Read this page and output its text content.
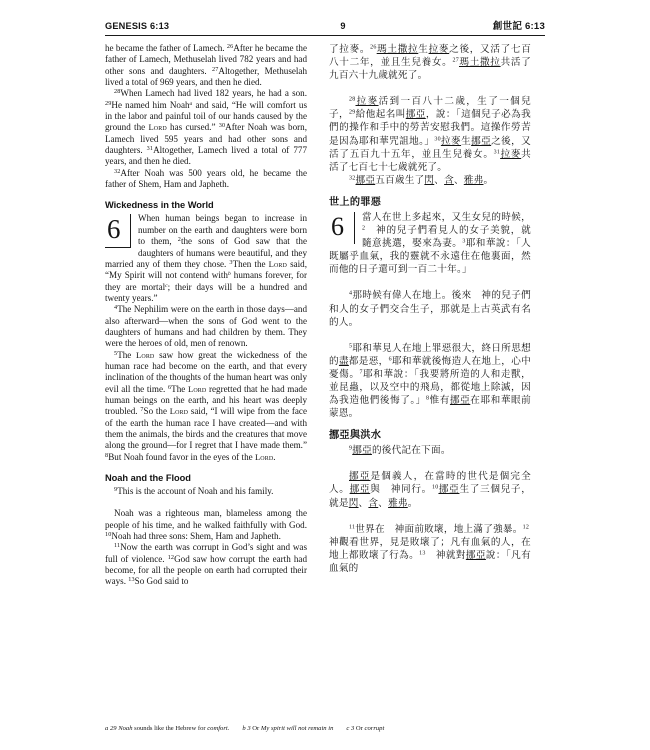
GENESIS 6:13	9	創世記 6:13

he became the father of Lamech. $^{26}$After he became the father of Lamech, Methuselah lived 782 years and had other sons and daughters. $^{27}$Altogether, Methuselah lived a total of 969 years, and then he died.

$^{28}$When Lamech had lived 182 years, he had a son. $^{29}$He named him Noah$^a$ and said, “He will comfort us in the labor and painful toil of our hands caused by the ground the Lord has cursed.” $^{30}$After Noah was born, Lamech lived 595 years and had other sons and daughters. $^{31}$Altogether, Lamech lived a total of 777 years, and then he died.

$^{32}$After Noah was 500 years old, he became the father of Shem, Ham and Japheth.

Wickedness in the World
6	When human beings began to increase in number on the earth and daughters were born to them, $^2$the sons of God saw that the daughters of humans were beautiful, and they married any of them they chose. $^3$Then the Lord said, “My Spirit will not contend with$^b$ humans forever, for they are mortal$^c$; their days will be a hundred and twenty years.”

$^4$The Nephilim were on the earth in those days—and also afterward—when the sons of God went to the daughters of humans and had children by them. They were the heroes of old, men of renown.

$^5$The Lord saw how great the wickedness of the human race had become on the earth, and that every inclination of the thoughts of the human heart was only evil all the time. $^6$The Lord regretted that he had made human beings on the earth, and his heart was deeply troubled. $^7$So the Lord said, “I will wipe from the face of the earth the human race I have created—and with them the animals, the birds and the creatures that move along the ground—for I regret that I have made them.” $^8$But Noah found favor in the eyes of the Lord.

Noah and the Flood

$^9$This is the account of Noah and his family.

Noah was a righteous man, blameless among the people of his time, and he walked faithfully with God. $^{10}$Noah had three sons: Shem, Ham and Japheth.

$^{11}$Now the earth was corrupt in God’s sight and was full of violence. $^{12}$God saw how corrupt the earth had become, for all the people on earth had corrupted their ways. $^{13}$So God said to

了拉麥。$^{26}$瑪土撒拉生拉麥之後，又活了七百八十二年，並且生兒養女。$^{27}$瑪土撒拉共活了九百六十九歲就死了。

$^{28}$拉麥活到一百八十二歲，生了一個兒子，$^{29}$給他起名叫挪亞，說：「這個兒子必為我們的操作和手中的勞苦安慰我們。這操作勞苦是因為耶和華咒詛地。」$^{30}$拉麥生挪亞之後，又活了五百九十五年，並且生兒養女。$^{31}$拉麥共活了七百七十七歲就死了。

$^{32}$挪亞五百歲生了閃、含、雅弗。

世上的罪惡
6	當人在世上多起來，又生女兒的時候，$^2$　神的兒子們看見人的女子美貌，就隨意挑選，娶來為妻。$^3$耶和華說：「人既屬乎血氣，我的靈就不永遠住在他裏面，然而他的日子還可到一百二十年。」

$^4$那時候有偉人在地上。後來　神的兒子們和人的女子們交合生子，那就是上古英武有名的人。

$^5$耶和華見人在地上罪惡很大，終日所思想的盡都是惡，$^6$耶和華就後悔造人在地上，心中憂傷。$^7$耶和華說：「我要將所造的人和走獸，並昆蟲，以及空中的飛鳥，都從地上除滅，因為我造他們後悔了。」$^8$惟有挪亞在耶和華眼前蒙恩。

挪亞與洪水

$^9$挪亞的後代記在下面。

挪亞是個義人，在當時的世代是個完全人。挪亞與　神同行。$^{10}$挪亞生了三個兒子，就是閃、含、雅弗。

$^{11}$世界在　神面前敗壞，地上滿了強暴。$^{12}$　神觀看世界，見是敗壞了；凡有血氣的人，在地上都敗壞了行為。$^{13}$　神就對挪亞說：「凡有血氣的

a 29 Noah sounds like the Hebrew for comfort. b 3 Or My spirit will not remain in c 3 Or corrupt
